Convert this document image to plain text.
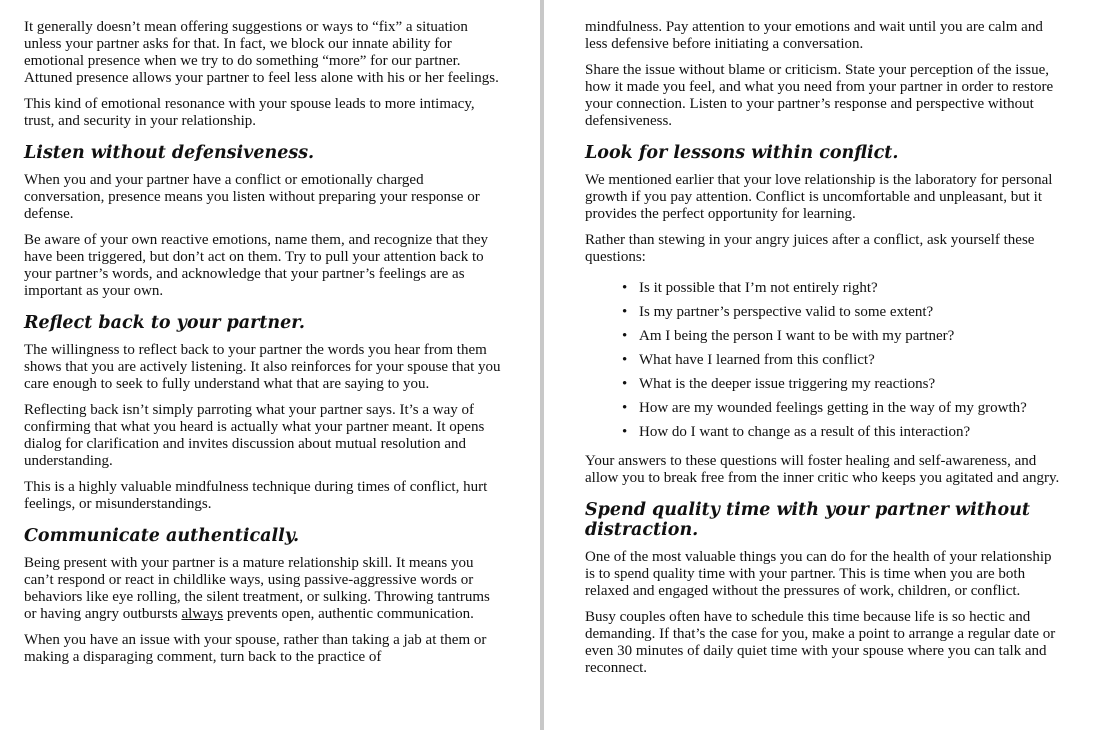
It generally doesn’t mean offering suggestions or ways to “fix” a situation unless your partner asks for that. In fact, we block our innate ability for emotional presence when we try to do something “more” for our partner. Attuned presence allows your partner to feel less alone with his or her feelings.

This kind of emotional resonance with your spouse leads to more intimacy, trust, and security in your relationship.

Listen without defensiveness.

When you and your partner have a conflict or emotionally charged conversation, presence means you listen without preparing your response or defense.

Be aware of your own reactive emotions, name them, and recognize that they have been triggered, but don’t act on them. Try to pull your attention back to your partner’s words, and acknowledge that your partner’s feelings are as important as your own.

Reflect back to your partner.

The willingness to reflect back to your partner the words you hear from them shows that you are actively listening. It also reinforces for your spouse that you care enough to seek to fully understand what that are saying to you.

Reflecting back isn’t simply parroting what your partner says. It’s a way of confirming that what you heard is actually what your partner meant. It opens dialog for clarification and invites discussion about mutual resolution and understanding.

This is a highly valuable mindfulness technique during times of conflict, hurt feelings, or misunderstandings.

Communicate authentically.

Being present with your partner is a mature relationship skill. It means you can’t respond or react in childlike ways, using passive-aggressive words or behaviors like eye rolling, the silent treatment, or sulking. Throwing tantrums or having angry outbursts always prevents open, authentic communication.

When you have an issue with your spouse, rather than taking a jab at them or making a disparaging comment, turn back to the practice of

mindfulness. Pay attention to your emotions and wait until you are calm and less defensive before initiating a conversation.

Share the issue without blame or criticism. State your perception of the issue, how it made you feel, and what you need from your partner in order to restore your connection. Listen to your partner’s response and perspective without defensiveness.

Look for lessons within conflict.

We mentioned earlier that your love relationship is the laboratory for personal growth if you pay attention. Conflict is uncomfortable and unpleasant, but it provides the perfect opportunity for learning.

Rather than stewing in your angry juices after a conflict, ask yourself these questions:

• Is it possible that I’m not entirely right?
• Is my partner’s perspective valid to some extent?
• Am I being the person I want to be with my partner?
• What have I learned from this conflict?
• What is the deeper issue triggering my reactions?
• How are my wounded feelings getting in the way of my growth?
• How do I want to change as a result of this interaction?

Your answers to these questions will foster healing and self-awareness, and allow you to break free from the inner critic who keeps you agitated and angry.

Spend quality time with your partner without distraction.

One of the most valuable things you can do for the health of your relationship is to spend quality time with your partner. This is time when you are both relaxed and engaged without the pressures of work, children, or conflict.

Busy couples often have to schedule this time because life is so hectic and demanding. If that’s the case for you, make a point to arrange a regular date or even 30 minutes of daily quiet time with your spouse where you can talk and reconnect.
